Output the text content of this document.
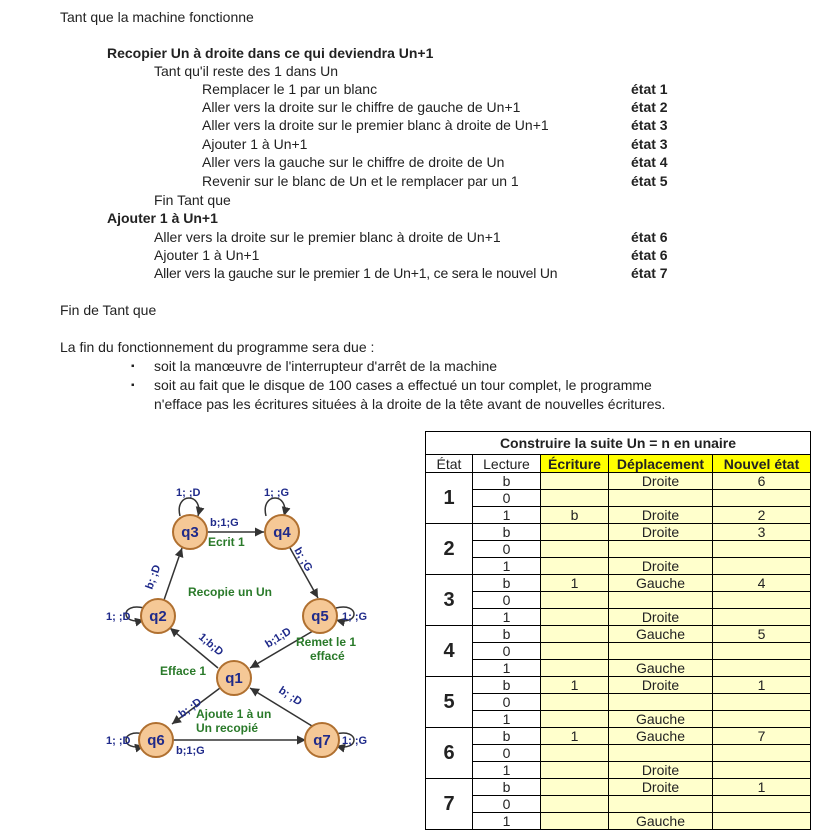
Tant que la machine fonctionne
Recopier Un à droite dans ce qui deviendra Un+1
Tant qu'il reste des 1 dans Un
Remplacer le 1 par un blanc	état 1
Aller vers la droite sur le chiffre de gauche de Un+1	état 2
Aller vers la droite sur le premier blanc à droite de Un+1	état 3
Ajouter 1 à Un+1	état 3
Aller vers la gauche sur le chiffre de droite de Un	état 4
Revenir sur le blanc de Un et le remplacer par un 1	état 5
Fin Tant que
Ajouter 1 à Un+1
Aller vers la droite sur le premier blanc à droite de Un+1	état 6
Ajouter 1 à Un+1	état 6
Aller vers la gauche sur le premier 1 de Un+1, ce sera le nouvel Un	état 7
Fin de Tant que
La fin du fonctionnement du programme sera due :
▪ soit la manœuvre de l'interrupteur d'arrêt de la machine
▪ soit au fait que le disque de 100 cases a effectué un tour complet, le programme
n'efface pas les écritures situées à la droite de la tête avant de nouvelles écritures.
q3	q4
q2	q5
q1
q6	q7
1; ;D	1; ;G
b;1;G
b; ;G
b; ;D
1; ;D	1; ;G
1;b;D	b;1;D
b; ;D	b; ;D
1; ;D	1; ;G
b;1;G
Ecrit 1
Recopie un Un
Remet le 1
effacé
Efface 1
Ajoute 1 à un
Un recopié
Construire la suite Un = n en unaire				
État	Lecture	Écriture	Déplacement	Nouvel état
1	b		Droite	6
	0			
	1	b	Droite	2
2	b		Droite	3
	0			
	1		Droite	
3	b	1	Gauche	4
	0			
	1		Droite	
4	b		Gauche	5
	0			
	1		Gauche	
5	b	1	Droite	1
	0			
	1		Gauche	
6	b	1	Gauche	7
	0			
	1		Droite	
7	b		Droite	1
	0			
	1		Gauche	
